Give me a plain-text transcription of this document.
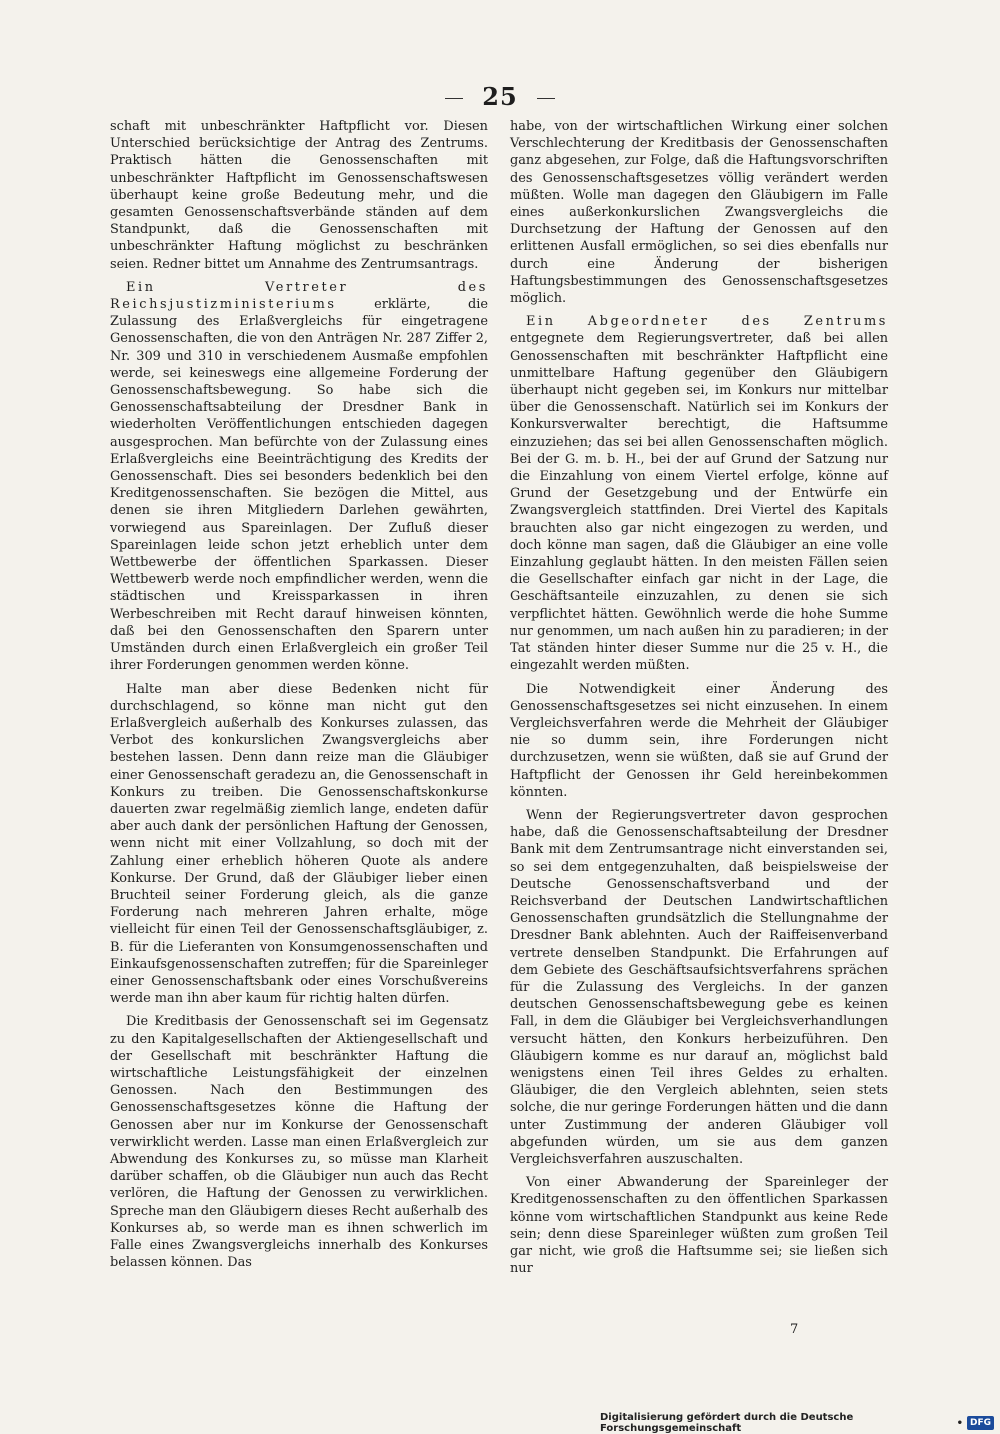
25

schaft mit unbeschränkter Haftpflicht vor. Diesen Unterschied berücksichtige der Antrag des Zentrums. Praktisch hätten die Genossenschaften mit unbeschränkter Haftpflicht im Genossenschaftswesen überhaupt keine große Bedeutung mehr, und die gesamten Genossenschaftsverbände ständen auf dem Standpunkt, daß die Genossenschaften mit unbeschränkter Haftung möglichst zu beschränken seien. Redner bittet um Annahme des Zentrumsantrags.

Ein Vertreter des Reichsjustizministeriums	erklärte, die Zulassung des Erlaßvergleichs für eingetragene Genossenschaften, die von den Anträgen Nr. 287 Ziffer 2, Nr. 309 und 310 in verschiedenem Ausmaße empfohlen werde, sei keineswegs eine allgemeine Forderung der Genossenschaftsbewegung. So habe sich die Genossenschaftsabteilung der Dresdner Bank in wiederholten Veröffentlichungen entschieden dagegen ausgesprochen. Man befürchte von der Zulassung eines Erlaßvergleichs eine Beeinträchtigung des Kredits der Genossenschaft. Dies sei besonders bedenklich bei den Kreditgenossenschaften. Sie bezögen die Mittel, aus denen sie ihren Mitgliedern Darlehen gewährten, vorwiegend aus Spareinlagen. Der Zufluß dieser Spareinlagen leide schon jetzt erheblich unter dem Wettbewerbe der öffentlichen Sparkassen. Dieser Wettbewerb werde noch empfindlicher werden, wenn die städtischen und Kreissparkassen in ihren Werbeschreiben mit Recht darauf hinweisen könnten, daß bei den Genossenschaften den Sparern unter Umständen durch einen Erlaßvergleich ein großer Teil ihrer Forderungen genommen werden könne.

Halte man aber diese Bedenken nicht für durchschlagend, so könne man nicht gut den Erlaßvergleich außerhalb des Konkurses zulassen, das Verbot des konkurslichen Zwangsvergleichs aber bestehen lassen. Denn dann reize man die Gläubiger einer Genossenschaft geradezu an, die Genossenschaft in Konkurs zu treiben. Die Genossenschaftskonkurse dauerten zwar regelmäßig ziemlich lange, endeten dafür aber auch dank der persönlichen Haftung der Genossen, wenn nicht mit einer Vollzahlung, so doch mit der Zahlung einer erheblich höheren Quote als andere Konkurse. Der Grund, daß der Gläubiger lieber einen Bruchteil seiner Forderung gleich, als die ganze Forderung nach mehreren Jahren erhalte, möge vielleicht für einen Teil der Genossenschaftsgläubiger, z. B. für die Lieferanten von Konsumgenossenschaften und Einkaufsgenossenschaften zutreffen; für die Spareinleger einer Genossenschaftsbank oder eines Vorschußvereins werde man ihn aber kaum für richtig halten dürfen.

Die Kreditbasis der Genossenschaft sei im Gegensatz zu den Kapitalgesellschaften der Aktiengesellschaft und der Gesellschaft mit beschränkter Haftung die wirtschaftliche Leistungsfähigkeit der einzelnen Genossen. Nach den Bestimmungen des Genossenschaftsgesetzes könne die Haftung der Genossen aber nur im Konkurse der Genossenschaft verwirklicht werden. Lasse man einen Erlaßvergleich zur Abwendung des Konkurses zu, so müsse man Klarheit darüber schaffen, ob die Gläubiger nun auch das Recht verlören, die Haftung der Genossen zu verwirklichen. Spreche man den Gläubigern dieses Recht außerhalb des Konkurses ab, so werde man es ihnen schwerlich im Falle eines Zwangsvergleichs innerhalb des Konkurses belassen können. Das

habe, von der wirtschaftlichen Wirkung einer solchen Verschlechterung der Kreditbasis der Genossenschaften ganz abgesehen, zur Folge, daß die Haftungsvorschriften des Genossenschaftsgesetzes völlig verändert werden müßten. Wolle man dagegen den Gläubigern im Falle eines außerkonkurslichen Zwangsvergleichs die Durchsetzung der Haftung der Genossen auf den erlittenen Ausfall ermöglichen, so sei dies ebenfalls nur durch eine Änderung der bisherigen Haftungsbestimmungen des Genossenschaftsgesetzes möglich.

Ein Abgeordneter des Zentrums entgegnete dem Regierungsvertreter, daß bei allen Genossenschaften mit beschränkter Haftpflicht eine unmittelbare Haftung gegenüber den Gläubigern überhaupt nicht gegeben sei, im Konkurs nur mittelbar über die Genossenschaft. Natürlich sei im Konkurs der Konkursverwalter berechtigt, die Haftsumme einzuziehen; das sei bei allen Genossenschaften möglich. Bei der G. m. b. H., bei der auf Grund der Satzung nur die Einzahlung von einem Viertel erfolge, könne auf Grund der Gesetzgebung und der Entwürfe ein Zwangsvergleich stattfinden. Drei Viertel des Kapitals brauchten also gar nicht eingezogen zu werden, und doch könne man sagen, daß die Gläubiger an eine volle Einzahlung geglaubt hätten. In den meisten Fällen seien die Gesellschafter einfach gar nicht in der Lage, die Geschäftsanteile einzuzahlen, zu denen sie sich verpflichtet hätten. Gewöhnlich werde die hohe Summe nur genommen, um nach außen hin zu paradieren; in der Tat ständen hinter dieser Summe nur die 25 v. H., die eingezahlt werden müßten.

Die Notwendigkeit einer Änderung des Genossenschaftsgesetzes sei nicht einzusehen. In einem Vergleichsverfahren werde die Mehrheit der Gläubiger nie so dumm sein, ihre Forderungen nicht durchzusetzen, wenn sie wüßten, daß sie auf Grund der Haftpflicht der Genossen ihr Geld hereinbekommen könnten.

Wenn der Regierungsvertreter davon gesprochen habe, daß die Genossenschaftsabteilung der Dresdner Bank mit dem Zentrumsantrage nicht einverstanden sei, so sei dem entgegenzuhalten, daß beispielsweise der Deutsche Genossenschaftsverband und der Reichsverband der Deutschen Landwirtschaftlichen Genossenschaften grundsätzlich die Stellungnahme der Dresdner Bank ablehnten. Auch der Raiffeisenverband vertrete denselben Standpunkt. Die Erfahrungen auf dem Gebiete des Geschäftsaufsichtsverfahrens sprächen für die Zulassung des Vergleichs. In der ganzen deutschen Genossenschaftsbewegung gebe es keinen Fall, in dem die Gläubiger bei Vergleichsverhandlungen versucht hätten, den Konkurs herbeizuführen. Den Gläubigern komme es nur darauf an, möglichst bald wenigstens einen Teil ihres Geldes zu erhalten. Gläubiger, die den Vergleich ablehnten, seien stets solche, die nur geringe Forderungen hätten und die dann unter Zustimmung der anderen Gläubiger voll abgefunden würden, um sie aus dem ganzen Vergleichsverfahren auszuschalten.

Von einer Abwanderung der Spareinleger der Kreditgenossenschaften zu den öffentlichen Sparkassen könne vom wirtschaftlichen Standpunkt aus keine Rede sein; denn diese Spareinleger wüßten zum großen Teil gar nicht, wie groß die Haftsumme sei; sie ließen sich nur

7
Digitalisierung gefördert durch die Deutsche Forschungsgemeinschaft	• DFG
